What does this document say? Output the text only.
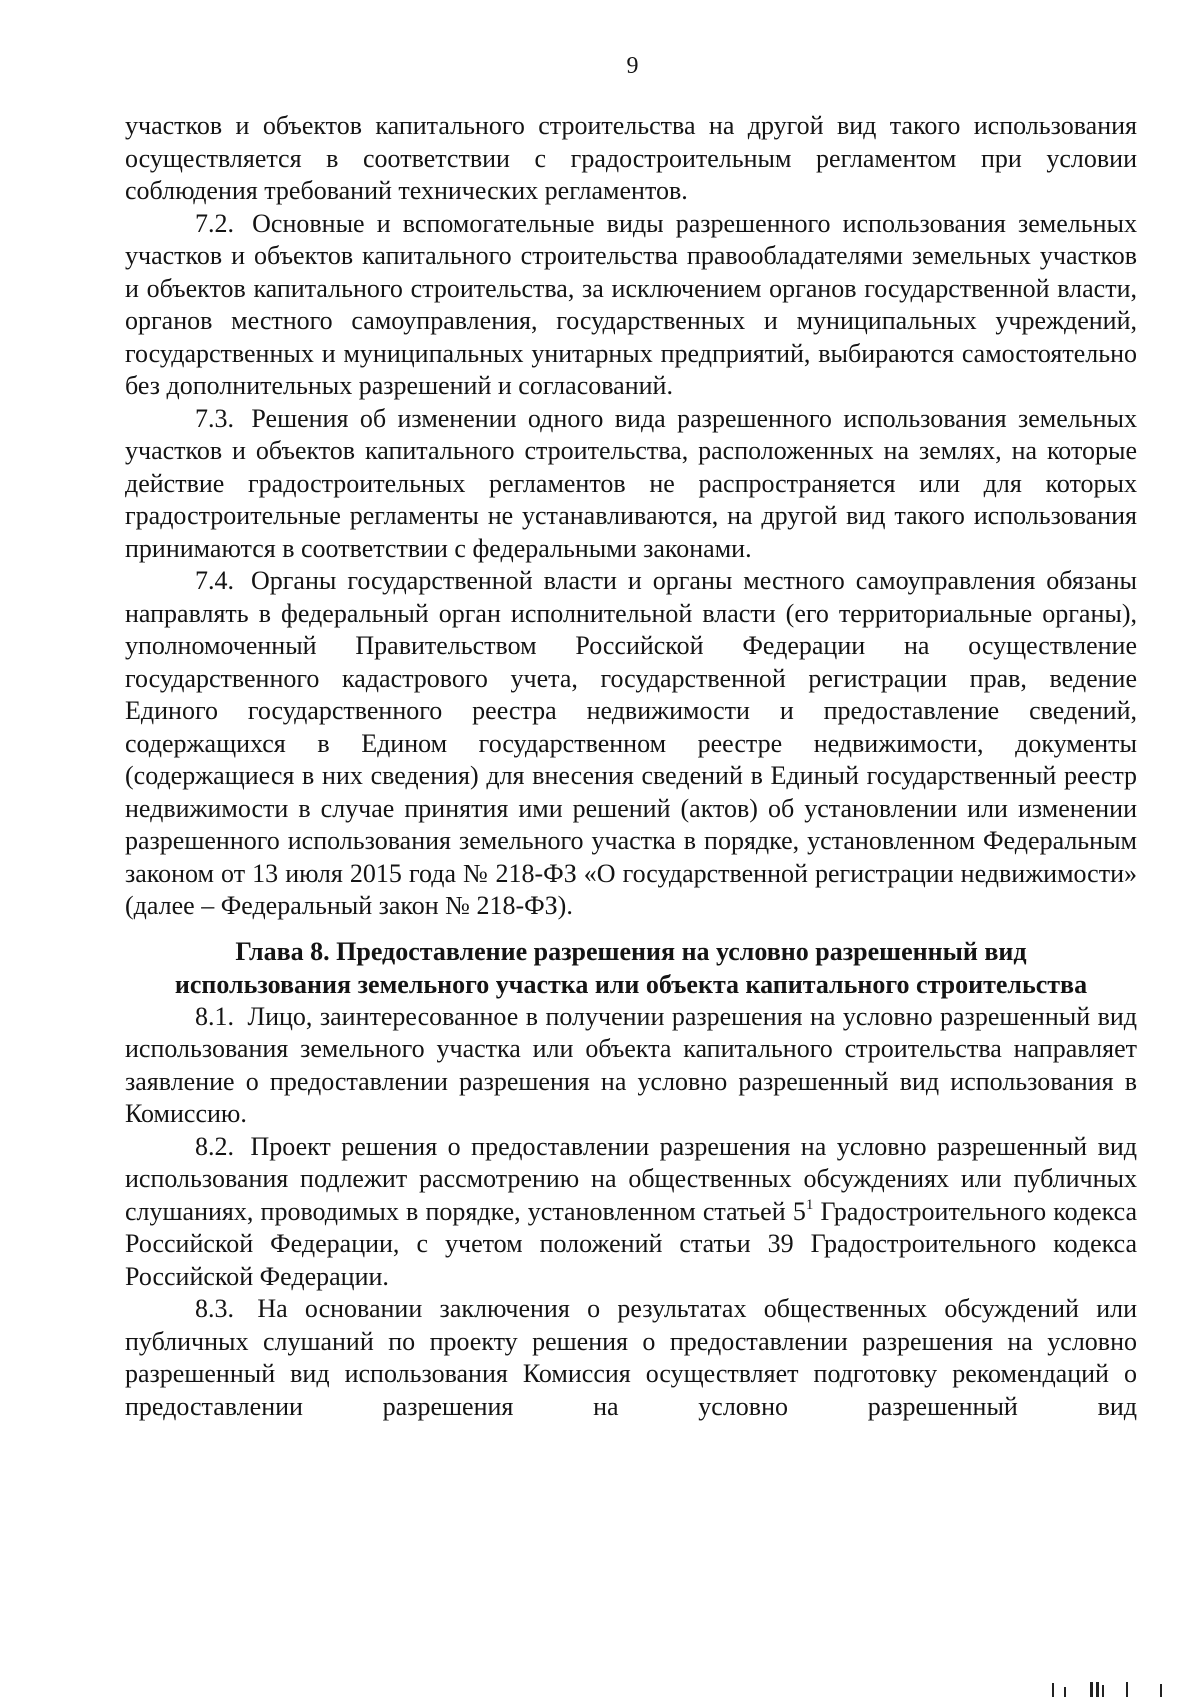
9

участков и объектов капитального строительства на другой вид такого использования осуществляется в соответствии с градостроительным регламентом при условии соблюдения требований технических регламентов.

7.2. Основные и вспомогательные виды разрешенного использования земельных участков и объектов капитального строительства правообладателями земельных участков и объектов капитального строительства, за исключением органов государственной власти, органов местного самоуправления, государственных и муниципальных учреждений, государственных и муниципальных унитарных предприятий, выбираются самостоятельно без дополнительных разрешений и согласований.

7.3. Решения об изменении одного вида разрешенного использования земельных участков и объектов капитального строительства, расположенных на землях, на которые действие градостроительных регламентов не распространяется или для которых градостроительные регламенты не устанавливаются, на другой вид такого использования принимаются в соответствии с федеральными законами.

7.4. Органы государственной власти и органы местного самоуправления обязаны направлять в федеральный орган исполнительной власти (его территориальные органы), уполномоченный Правительством Российской Федерации на осуществление государственного кадастрового учета, государственной регистрации прав, ведение Единого государственного реестра недвижимости и предоставление сведений, содержащихся в Едином государственном реестре недвижимости, документы (содержащиеся в них сведения) для внесения сведений в Единый государственный реестр недвижимости в случае принятия ими решений (актов) об установлении или изменении разрешенного использования земельного участка в порядке, установленном Федеральным законом от 13 июля 2015 года № 218-ФЗ «О государственной регистрации недвижимости» (далее – Федеральный закон № 218-ФЗ).

Глава 8. Предоставление разрешения на условно разрешенный вид
использования земельного участка или объекта капитального строительства

8.1. Лицо, заинтересованное в получении разрешения на условно разрешенный вид использования земельного участка или объекта капитального строительства направляет заявление о предоставлении разрешения на условно разрешенный вид использования в Комиссию.

8.2. Проект решения о предоставлении разрешения на условно разрешенный вид использования подлежит рассмотрению на общественных обсуждениях или публичных слушаниях, проводимых в порядке, установленном статьей $5^1$ Градостроительного кодекса Российской Федерации, с учетом положений статьи 39 Градостроительного кодекса Российской Федерации.

8.3. На основании заключения о результатах общественных обсуждений или публичных слушаний по проекту решения о предоставлении разрешения на условно разрешенный вид использования Комиссия осуществляет подготовку рекомендаций о предоставлении разрешения на условно разрешенный вид
